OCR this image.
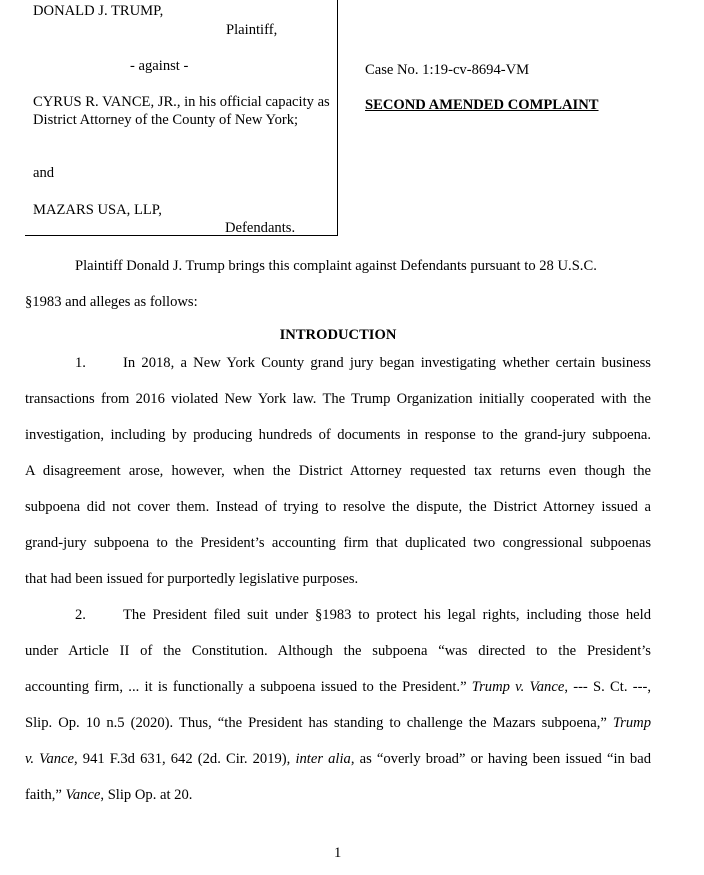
DONALD J. TRUMP,
Plaintiff,
- against -
CYRUS R. VANCE, JR., in his official capacity as District Attorney of the County of New York;
and
MAZARS USA, LLP,
Defendants.
Case No. 1:19-cv-8694-VM
SECOND AMENDED COMPLAINT
Plaintiff Donald J. Trump brings this complaint against Defendants pursuant to 28 U.S.C.
§1983 and alleges as follows:
INTRODUCTION
1.	In 2018, a New York County grand jury began investigating whether certain business
transactions from 2016 violated New York law. The Trump Organization initially cooperated with the
investigation, including by producing hundreds of documents in response to the grand-jury subpoena.
A disagreement arose, however, when the District Attorney requested tax returns even though the
subpoena did not cover them. Instead of trying to resolve the dispute, the District Attorney issued a
grand-jury subpoena to the President’s accounting firm that duplicated two congressional subpoenas
that had been issued for purportedly legislative purposes.
2.	The President filed suit under §1983 to protect his legal rights, including those held
under Article II of the Constitution. Although the subpoena “was directed to the President’s
accounting firm, ... it is functionally a subpoena issued to the President.” Trump v. Vance, --- S. Ct. ---,
Slip. Op. 10 n.5 (2020). Thus, “the President has standing to challenge the Mazars subpoena,” Trump
v. Vance, 941 F.3d 631, 642 (2d. Cir. 2019), inter alia, as “overly broad” or having been issued “in bad
faith,” Vance, Slip Op. at 20.
1
